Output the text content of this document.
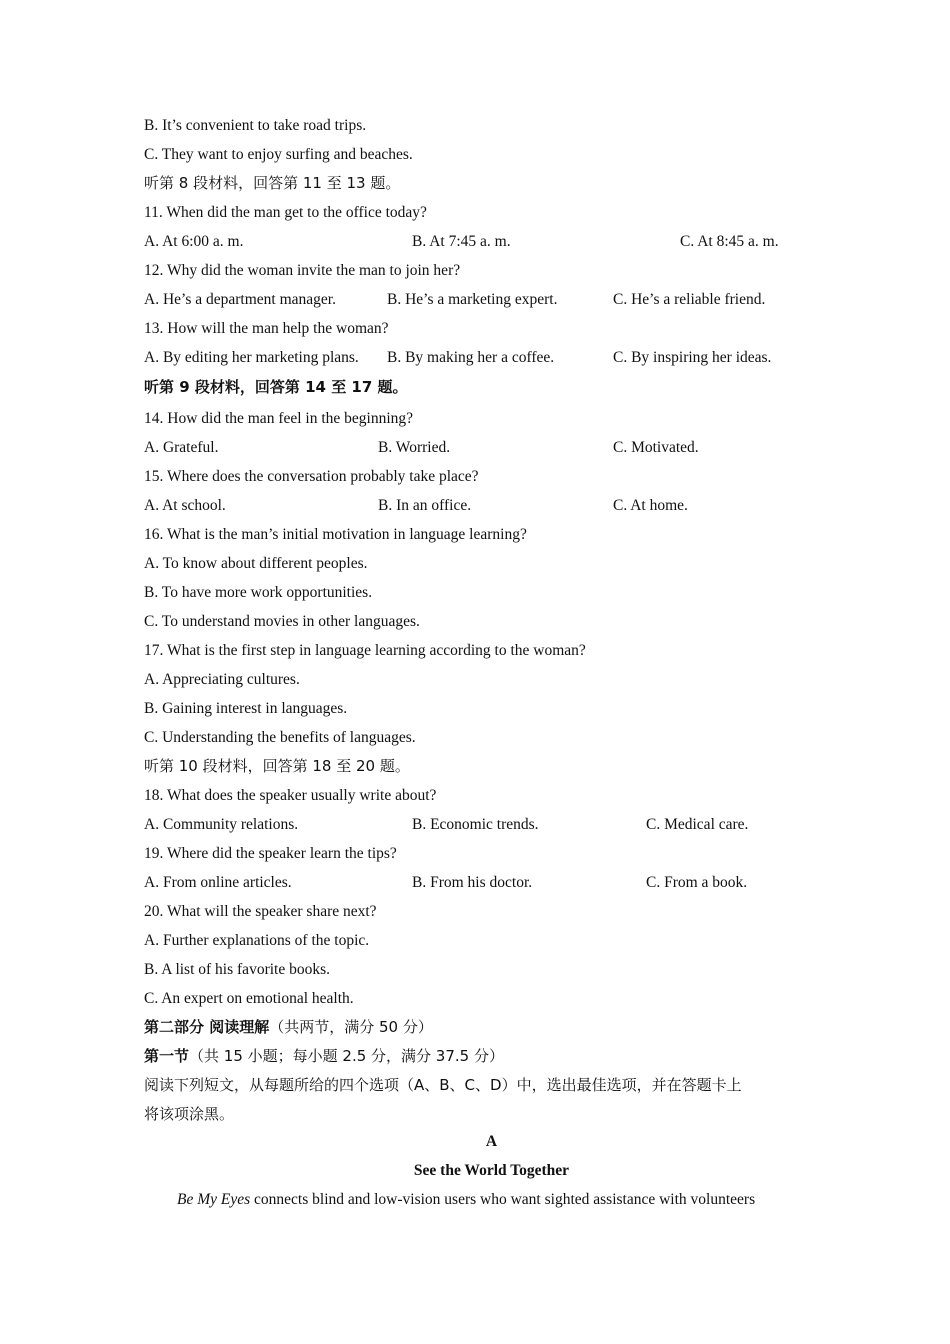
B. It’s convenient to take road trips.
C. They want to enjoy surfing and beaches.
听第 8 段材料，回答第 11 至 13 题。
11. When did the man get to the office today?
A. At 6:00 a. m.	B. At 7:45 a. m.	C. At 8:45 a. m.
12. Why did the woman invite the man to join her?
A. He’s a department manager.	B. He’s a marketing expert.	C. He’s a reliable friend.
13. How will the man help the woman?
A. By editing her marketing plans. B. By making her a coffee.	C. By inspiring her ideas.
听第 9 段材料，回答第 14 至 17 题。
14. How did the man feel in the beginning?
A. Grateful.	B. Worried.	C. Motivated.
15. Where does the conversation probably take place?
A. At school.	B. In an office.	C. At home.
16. What is the man’s initial motivation in language learning?
A. To know about different peoples.
B. To have more work opportunities.
C. To understand movies in other languages.
17. What is the first step in language learning according to the woman?
A. Appreciating cultures.
B. Gaining interest in languages.
C. Understanding the benefits of languages.
听第 10 段材料，回答第 18 至 20 题。
18. What does the speaker usually write about?
A. Community relations.	B. Economic trends.	C. Medical care.
19. Where did the speaker learn the tips?
A. From online articles.	B. From his doctor.	C. From a book.
20. What will the speaker share next?
A. Further explanations of the topic.
B. A list of his favorite books.
C. An expert on emotional health.
第二部分 阅读理解（共两节，满分 50 分）
第一节（共 15 小题；每小题 2.5 分，满分 37.5 分）
阅读下列短文，从每题所给的四个选项（A、B、C、D）中，选出最佳选项，并在答题卡上
将该项涂黑。
A
See the World Together
Be My Eyes connects blind and low-vision users who want sighted assistance with volunteers
